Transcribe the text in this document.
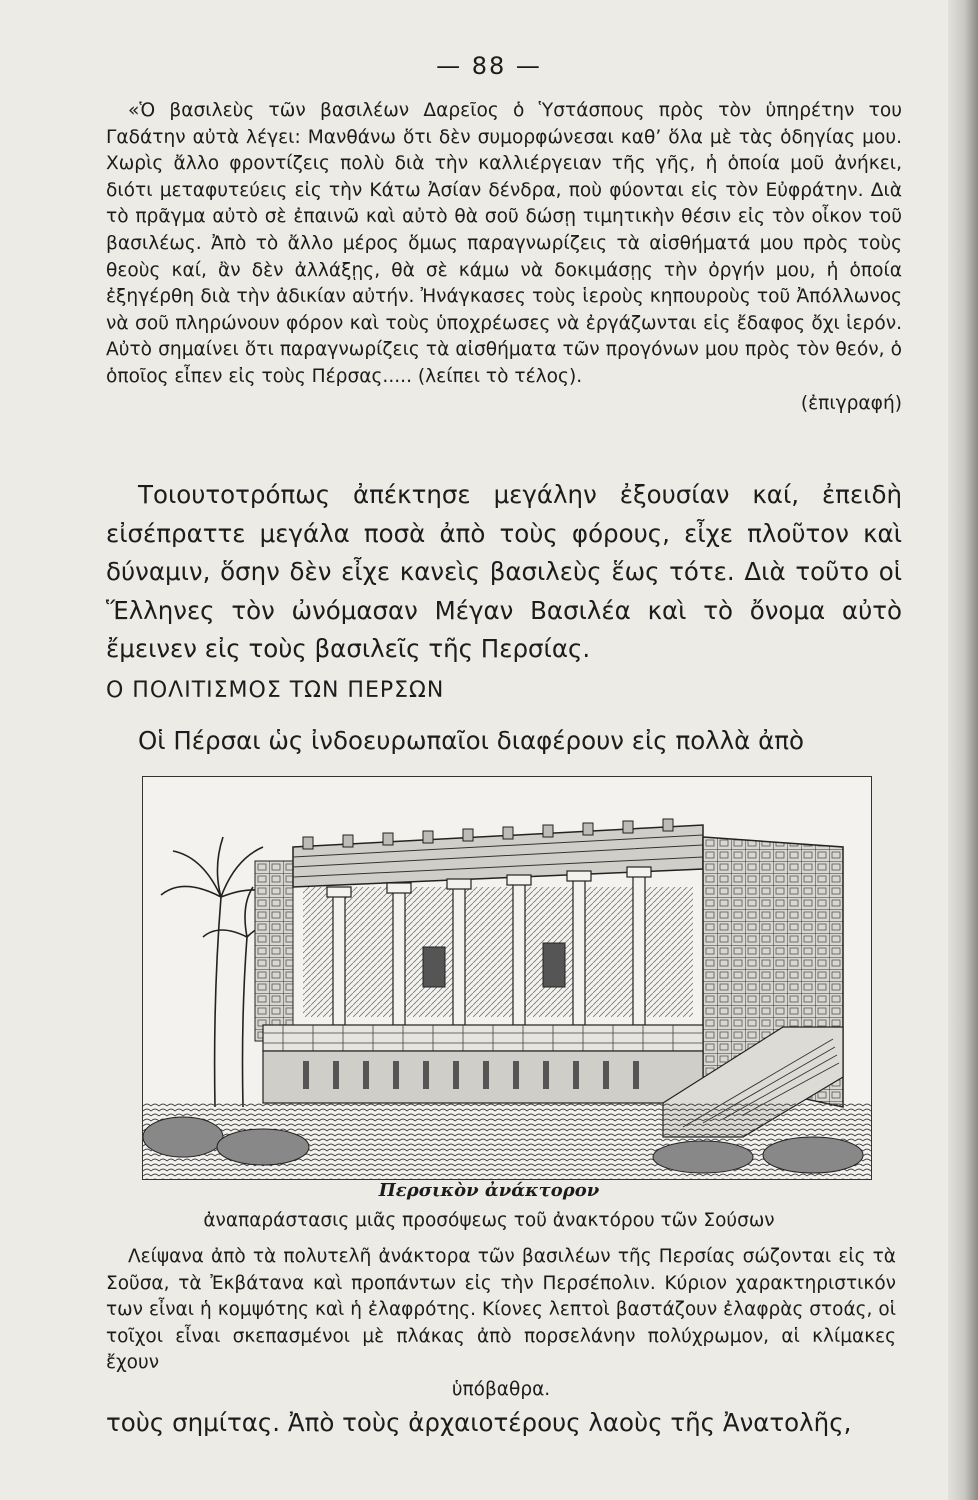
— 88 —

«Ὁ βασιλεὺς τῶν βασιλέων Δαρεῖος ὁ Ὑστάσπους πρὸς τὸν ὑπηρέτην του Γαδάτην αὐτὰ λέγει: Μανθάνω ὅτι δὲν συμορφώνεσαι καθ’ ὅλα μὲ τὰς ὁδηγίας μου. Χωρὶς ἄλλο φροντίζεις πολὺ διὰ τὴν καλλιέργειαν τῆς γῆς, ἡ ὁποία μοῦ ἀνήκει, διότι μεταφυτεύεις εἰς τὴν Κάτω Ἀσίαν δένδρα, ποὺ φύονται εἰς τὸν Εὐφράτην. Διὰ τὸ πρᾶγμα αὐτὸ σὲ ἐπαινῶ καὶ αὐτὸ θὰ σοῦ δώσῃ τιμητικὴν θέσιν εἰς τὸν οἶκον τοῦ βασιλέως. Ἀπὸ τὸ ἄλλο μέρος ὅμως παραγνωρίζεις τὰ αἰσθήματά μου πρὸς τοὺς θεοὺς καί, ἂν δὲν ἀλλάξῃς, θὰ σὲ κάμω νὰ δοκιμάσῃς τὴν ὀργήν μου, ἡ ὁποία ἐξηγέρθη διὰ τὴν ἀδικίαν αὐτήν. Ἠνάγκασες τοὺς ἱεροὺς κηπουροὺς τοῦ Ἀπόλλωνος νὰ σοῦ πληρώνουν φόρον καὶ τοὺς ὑποχρέωσες νὰ ἐργάζωνται εἰς ἔδαφος ὄχι ἱερόν. Αὐτὸ σημαίνει ὅτι παραγνωρίζεις τὰ αἰσθήματα τῶν προγόνων μου πρὸς τὸν θεόν, ὁ ὁποῖος εἶπεν εἰς τοὺς Πέρσας..... (λείπει τὸ τέλος).

(ἐπιγραφή)

Τοιουτοτρόπως ἀπέκτησε μεγάλην ἐξουσίαν καί, ἐπειδὴ εἰσέπραττε μεγάλα ποσὰ ἀπὸ τοὺς φόρους, εἶχε πλοῦτον καὶ δύναμιν, ὅσην δὲν εἶχε κανεὶς βασιλεὺς ἕως τότε. Διὰ τοῦτο οἱ Ἕλληνες τὸν ὠνόμασαν Μέγαν Βασιλέα καὶ τὸ ὄνομα αὐτὸ ἔμεινεν εἰς τοὺς βασιλεῖς τῆς Περσίας.

Ο ΠΟΛΙΤΙΣΜΟΣ ΤΩΝ ΠΕΡΣΩΝ

Οἱ Πέρσαι ὡς ἰνδοευρωπαῖοι διαφέρουν εἰς πολλὰ ἀπὸ

Περσικὸν ἀνάκτορον

ἀναπαράστασις μιᾶς προσόψεως τοῦ ἀνακτόρου τῶν Σούσων

Λείψανα ἀπὸ τὰ πολυτελῆ ἀνάκτορα τῶν βασιλέων τῆς Περσίας σώζονται εἰς τὰ Σοῦσα, τὰ Ἐκβάτανα καὶ προπάντων εἰς τὴν Περσέπολιν. Κύριον χαρακτηριστικόν των εἶναι ἡ κομψότης καὶ ἡ ἐλαφρότης. Κίονες λεπτοὶ βαστάζουν ἐλαφρὰς στοάς, οἱ τοῖχοι εἶναι σκεπασμένοι μὲ πλάκας ἀπὸ πορσελάνην πολύχρωμον, αἱ κλίμακες ἔχουν
ὑπόβαθρα.

τοὺς σημίτας. Ἀπὸ τοὺς ἀρχαιοτέρους λαοὺς τῆς Ἀνατολῆς,
